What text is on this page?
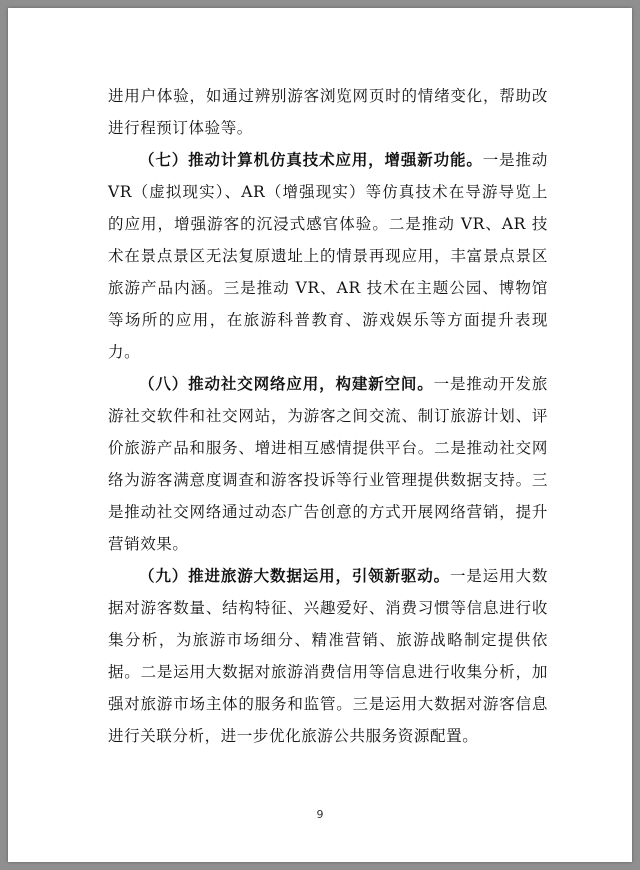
进用户体验，如通过辨别游客浏览网页时的情绪变化，帮助改进行程预订体验等。

（七）推动计算机仿真技术应用，增强新功能。一是推动 VR（虚拟现实）、AR（增强现实）等仿真技术在导游导览上的应用，增强游客的沉浸式感官体验。二是推动 VR、AR 技术在景点景区无法复原遗址上的情景再现应用，丰富景点景区旅游产品内涵。三是推动 VR、AR 技术在主题公园、博物馆等场所的应用，在旅游科普教育、游戏娱乐等方面提升表现力。

（八）推动社交网络应用，构建新空间。一是推动开发旅游社交软件和社交网站，为游客之间交流、制订旅游计划、评价旅游产品和服务、增进相互感情提供平台。二是推动社交网络为游客满意度调查和游客投诉等行业管理提供数据支持。三是推动社交网络通过动态广告创意的方式开展网络营销，提升营销效果。

（九）推进旅游大数据运用，引领新驱动。一是运用大数据对游客数量、结构特征、兴趣爱好、消费习惯等信息进行收集分析，为旅游市场细分、精准营销、旅游战略制定提供依据。二是运用大数据对旅游消费信用等信息进行收集分析，加强对旅游市场主体的服务和监管。三是运用大数据对游客信息进行关联分析，进一步优化旅游公共服务资源配置。

9
